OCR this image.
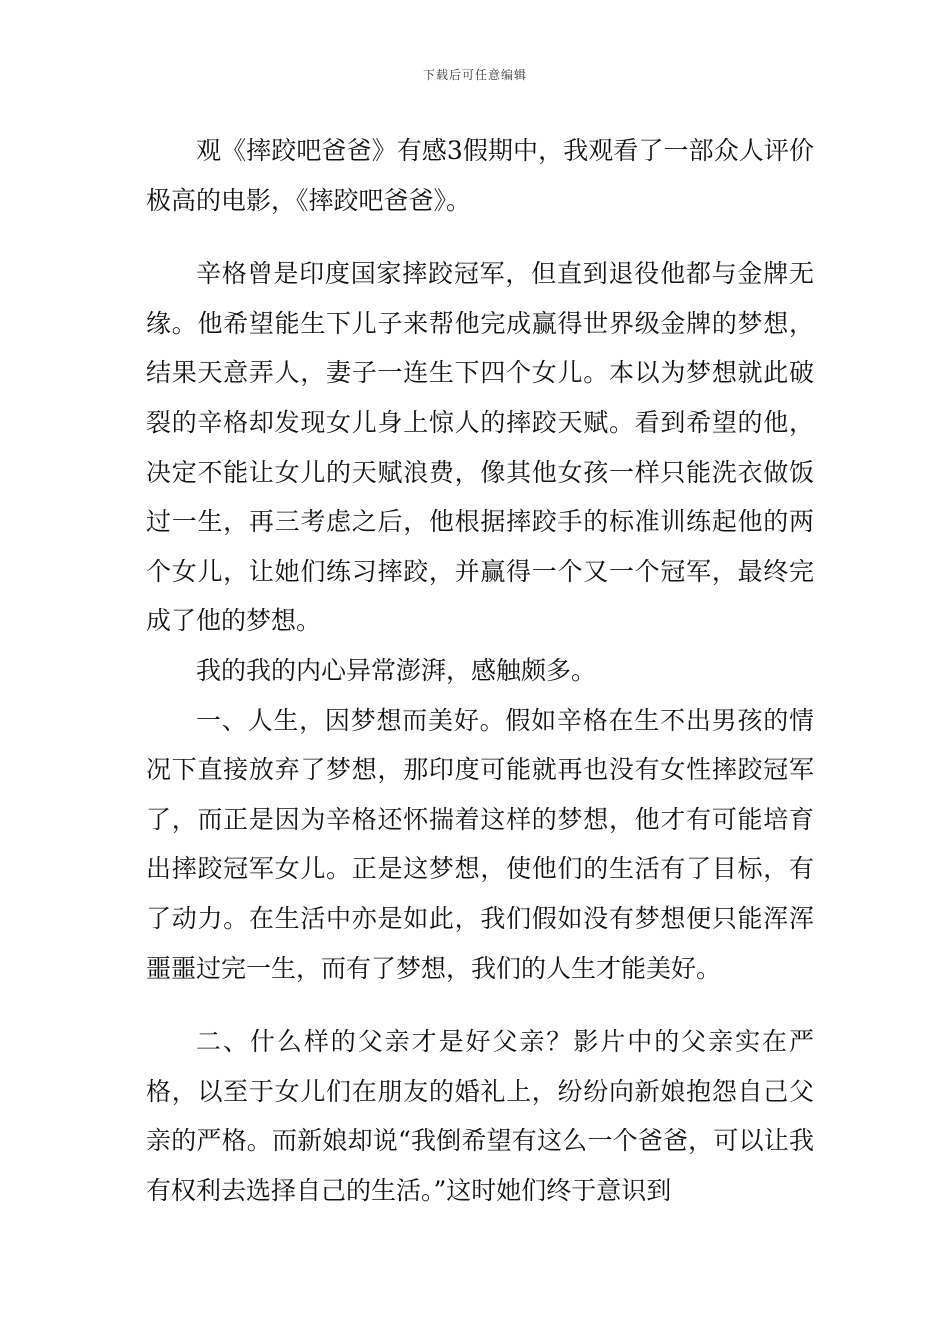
下载后可任意编辑

观《摔跤吧爸爸》有感3假期中，我观看了一部众人评价极高的电影，《摔跤吧爸爸》。

辛格曾是印度国家摔跤冠军，但直到退役他都与金牌无缘。他希望能生下儿子来帮他完成赢得世界级金牌的梦想，结果天意弄人，妻子一连生下四个女儿。本以为梦想就此破裂的辛格却发现女儿身上惊人的摔跤天赋。看到希望的他，决定不能让女儿的天赋浪费，像其他女孩一样只能洗衣做饭过一生，再三考虑之后，他根据摔跤手的标准训练起他的两个女儿，让她们练习摔跤，并赢得一个又一个冠军，最终完成了他的梦想。

我的我的内心异常澎湃，感触颇多。

一、人生，因梦想而美好。假如辛格在生不出男孩的情况下直接放弃了梦想，那印度可能就再也没有女性摔跤冠军了，而正是因为辛格还怀揣着这样的梦想，他才有可能培育出摔跤冠军女儿。正是这梦想，使他们的生活有了目标，有了动力。在生活中亦是如此，我们假如没有梦想便只能浑浑噩噩过完一生，而有了梦想，我们的人生才能美好。

二、什么样的父亲才是好父亲？影片中的父亲实在严格，以至于女儿们在朋友的婚礼上，纷纷向新娘抱怨自己父亲的严格。而新娘却说“我倒希望有这么一个爸爸，可以让我有权利去选择自己的生活。”这时她们终于意识到
